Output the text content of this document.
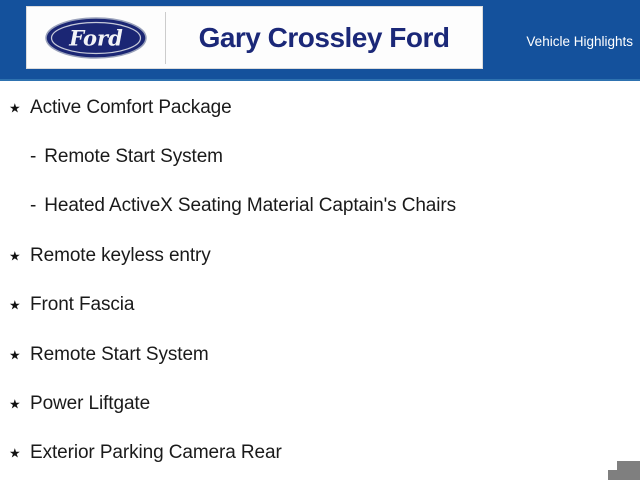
Ford	Gary Crossley Ford	Vehicle Highlights
★ Active Comfort Package
- Remote Start System
- Heated ActiveX Seating Material Captain's Chairs
★ Remote keyless entry
★ Front Fascia
★ Remote Start System
★ Power Liftgate
★ Exterior Parking Camera Rear
